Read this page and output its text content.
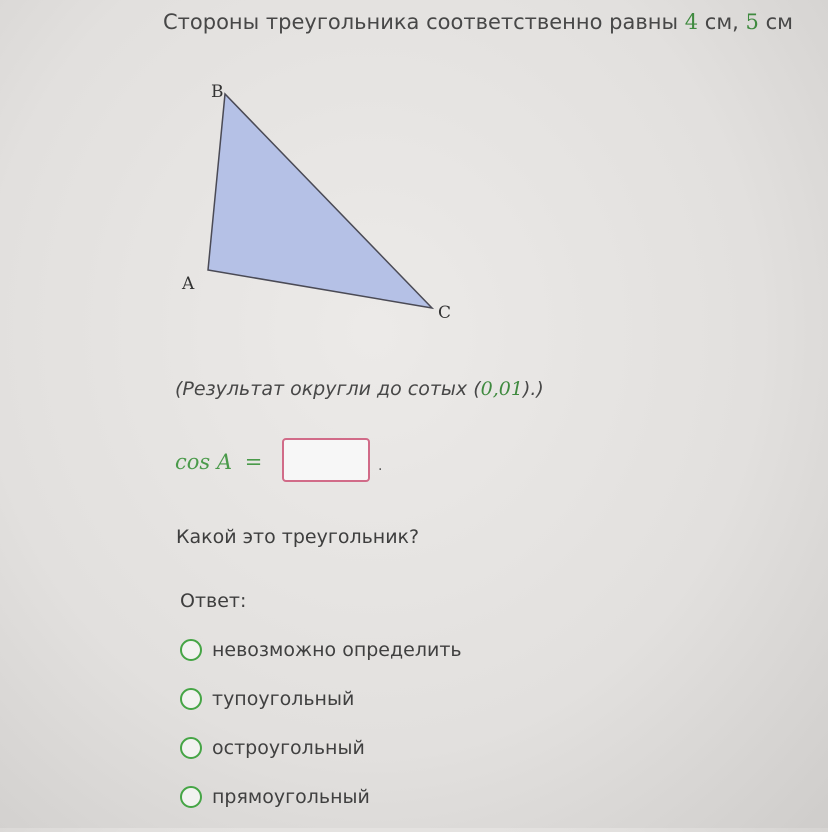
Стороны треугольника соответственно равны 4 см, 5 см
B
A
C
(Результат округли до сотых (0,01).)
cos A =	.
Какой это треугольник?
Ответ:
невозможно определить
тупоугольный
остроугольный
прямоугольный
